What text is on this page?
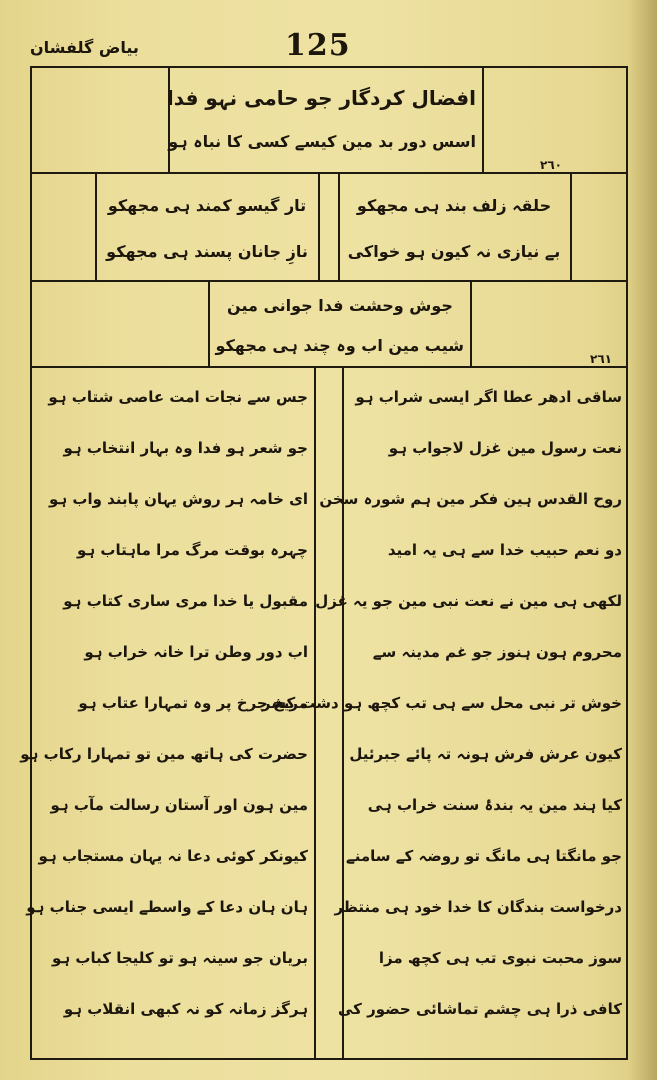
125
بیاض گلفشان
افضال کردگار جو حامی نہو فدا
اسس دور بد مین کیسے کسی کا نباہ ہو
٢٦٠
حلقہ زلف بند ہی مجھکو
بے نیازی نہ کیون ہو خواکی
تار گیسو کمند ہی مجھکو
نازِ جانان پسند ہی مجھکو
جوش وحشت فدا جوانی مین
شیب مین اب وہ چند ہی مجھکو
٢٦١
ساقی ادھر عطا اگر ایسی شراب ہو
نعت رسول مین غزل لاجواب ہو
روح القدس ہین فکر مین ہم شورہ سخن
دو نعم حبیب خدا سے ہی یہ امید
لکھی ہی مین نے نعت نبی مین جو یہ غزل
محروم ہون ہنوز جو غم مدینہ سے
خوش تر نبی محل سے ہی تب کچھ ہو دشت کشر
کیون عرش فرش ہونہ تہ پائے جبرئیل
کیا ہند مین یہ بندۂ سنت خراب ہی
جو مانگتا ہی مانگ تو روضہ کے سامنے
درخواست بندگان کا خدا خود ہی منتظر
سوز محبت نبوی تب ہی کچھ مزا
کافی ذرا ہی چشم تماشائی حضور کی
جس سے نجات امت عاصی شتاب ہو
جو شعر ہو فدا وہ بہار انتخاب ہو
ای خامہ ہر روش یہان پابند واب ہو
چہرہ بوقت مرگ مرا ماہتاب ہو
مقبول یا خدا مری ساری کتاب ہو
اب دور وطن ترا خانہ خراب ہو
مریخ چرخ پر وہ تمہارا عتاب ہو
حضرت کی ہاتھ مین تو تمہارا رکاب ہو
مین ہون اور آستان رسالت مآب ہو
کیونکر کوئی دعا نہ یہان مستجاب ہو
ہان ہان دعا کے واسطے ایسی جناب ہو
بریان جو سینہ ہو تو کلیجا کباب ہو
ہرگز زمانہ کو نہ کبھی انقلاب ہو
